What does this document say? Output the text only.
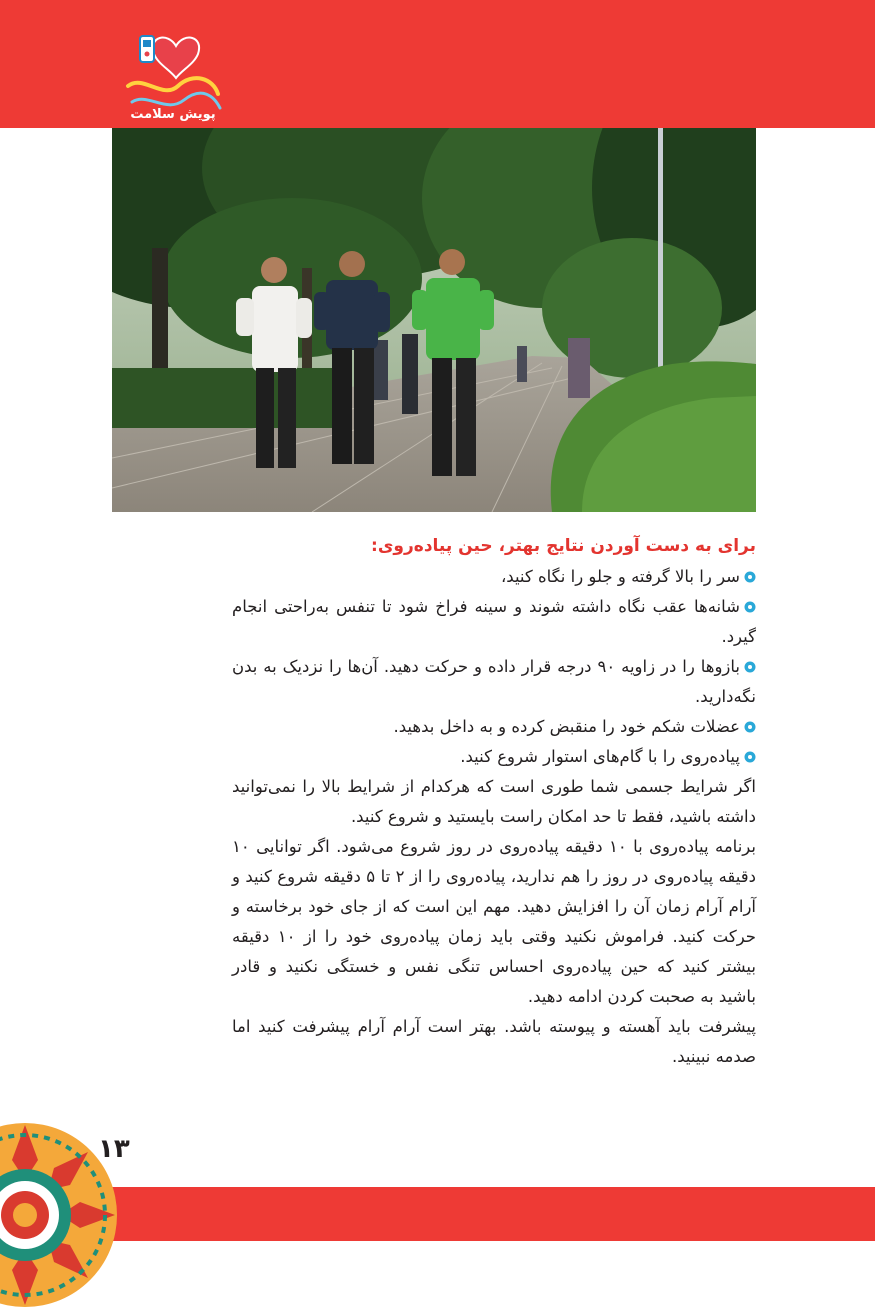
پویش سلامت

برای به دست آوردن نتایج بهتر، حین پیاده‌روی:

سر را بالا گرفته و جلو را نگاه کنید،
شانه‌ها عقب نگاه داشته شوند و سینه فراخ شود تا تنفس به‌راحتی انجام گیرد.
بازوها را در زاویه ۹۰ درجه قرار داده و حرکت دهید. آن‌ها را نزدیک به بدن نگه‌دارید.
عضلات شکم خود را منقبض کرده و به داخل بدهید.
پیاده‌روی را با گام‌های استوار شروع کنید.

اگر شرایط جسمی شما طوری است که هرکدام از شرایط بالا را نمی‌توانید داشته باشید، فقط تا حد امکان راست بایستید و شروع کنید.

برنامه پیاده‌روی با ۱۰ دقیقه پیاده‌روی در روز شروع می‌شود. اگر توانایی ۱۰ دقیقه پیاده‌روی در روز را هم ندارید، پیاده‌روی را از ۲ تا ۵ دقیقه شروع کنید و آرام آرام زمان آن را افزایش دهید. مهم این است که از جای خود برخاسته و حرکت کنید. فراموش نکنید وقتی باید زمان پیاده‌روی خود را از ۱۰ دقیقه بیشتر کنید که حین پیاده‌روی احساس تنگی نفس و خستگی نکنید و قادر باشید به صحبت کردن ادامه دهید.

پیشرفت باید آهسته و پیوسته باشد. بهتر است آرام آرام پیشرفت کنید اما صدمه نبینید.

۱۳
